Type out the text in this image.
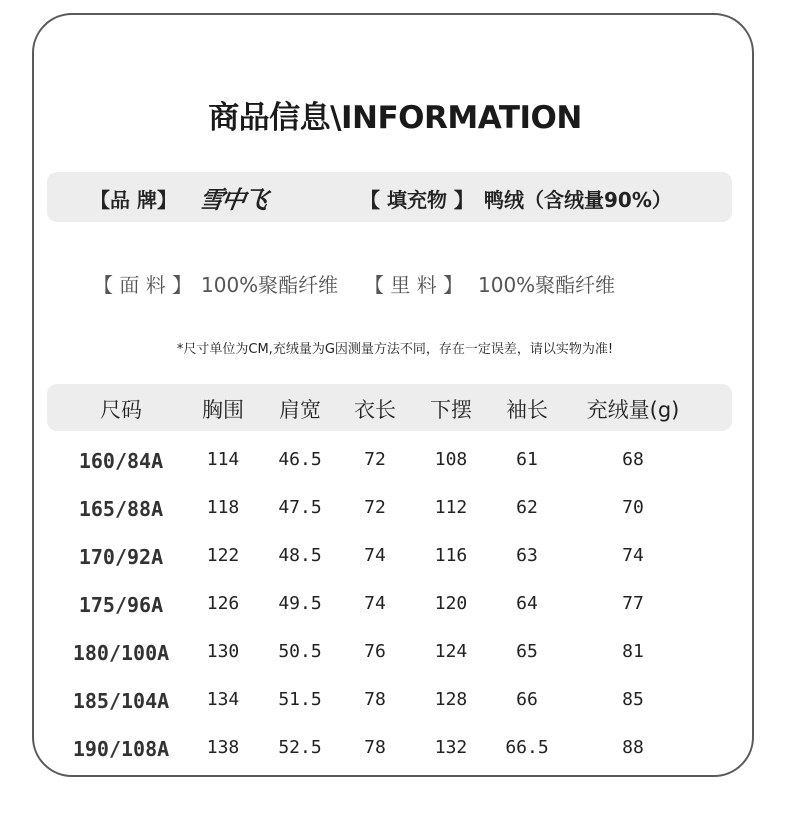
商品信息\INFORMATION
【品 牌】 雪中飞	【 填充物 】 鸭绒（含绒量90%）
【 面 料 】 100%聚酯纤维 【 里 料 】 100%聚酯纤维
*尺寸单位为CM,充绒量为G因测量方法不同，存在一定误差，请以实物为准!
尺码	胸围 肩宽 衣长 下摆 袖长 充绒量(g)
160/84A 114 46.5 72	108	61	68
165/88A 118 47.5 72	112	62	70
170/92A 122 48.5 74	116	63	74
175/96A 126 49.5 74	120	64	77
180/100A 130 50.5 76	124	65	81
185/104A 134 51.5 78	128	66	85
190/108A 138 52.5 78	132 66.5	88
